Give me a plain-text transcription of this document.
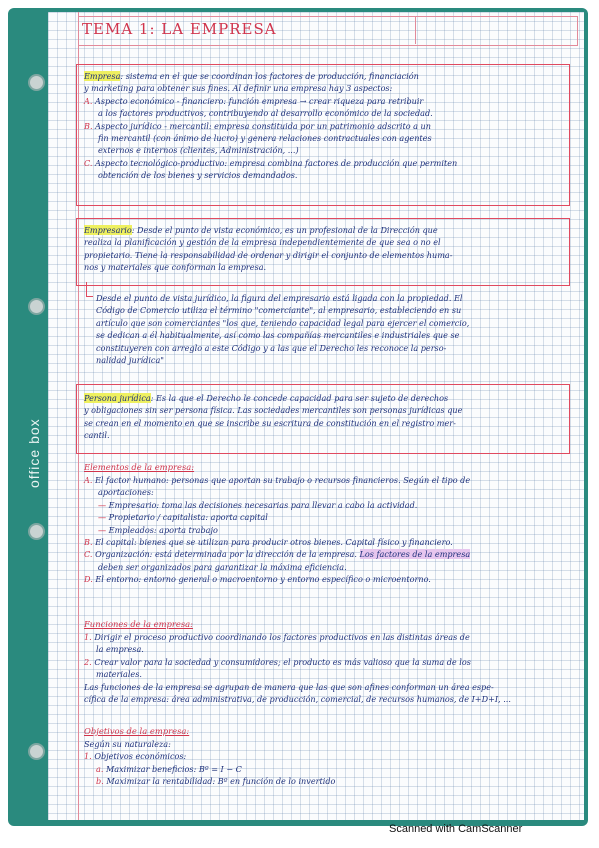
office box
TEMA 1: LA EMPRESA
Empresa: sistema en el que se coordinan los factores de producción, financiación
y marketing para obtener sus fines. Al definir una empresa hay 3 aspectos:
A. Aspecto económico - financiero: función empresa → crear riqueza para retribuir
a los factores productivos, contribuyendo al desarrollo económico de la sociedad.
B. Aspecto jurídico - mercantil: empresa constituida por un patrimonio adscrito a un
fin mercantil (con ánimo de lucro) y genera relaciones contractuales con agentes
externos e internos (clientes, Administración, ...)
C. Aspecto tecnológico-productivo: empresa combina factores de producción que permiten
obtención de los bienes y servicios demandados.
Empresario: Desde el punto de vista económico, es un profesional de la Dirección que
realiza la planificación y gestión de la empresa independientemente de que sea o no el
propietario. Tiene la responsabilidad de ordenar y dirigir el conjunto de elementos huma-
nos y materiales que conforman la empresa.
Desde el punto de vista jurídico, la figura del empresario está ligada con la propiedad. El
Código de Comercio utiliza el término "comerciante", al empresario, estableciendo en su
artículo que son comerciantes "los que, teniendo capacidad legal para ejercer el comercio,
se dedican a él habitualmente, así como las compañías mercantiles e industriales que se
constituyeren con arreglo a este Código y a las que el Derecho les reconoce la perso-
nalidad jurídica"
Persona jurídica: Es la que el Derecho le concede capacidad para ser sujeto de derechos
y obligaciones sin ser persona física. Las sociedades mercantiles son personas jurídicas que
se crean en el momento en que se inscribe su escritura de constitución en el registro mer-
cantil.
Elementos de la empresa:
A. El factor humano: personas que aportan su trabajo o recursos financieros. Según el tipo de
aportaciones:
— Empresario: toma las decisiones necesarias para llevar a cabo la actividad.
— Propietario / capitalista: aporta capital
— Empleados: aporta trabajo
B. El capital: bienes que se utilizan para producir otros bienes. Capital físico y financiero.
C. Organización: está determinada por la dirección de la empresa. Los factores de la empresa
deben ser organizados para garantizar la máxima eficiencia.
D. El entorno: entorno general o macroentorno y entorno específico o microentorno.
Funciones de la empresa:
1. Dirigir el proceso productivo coordinando los factores productivos en las distintas áreas de
la empresa.
2. Crear valor para la sociedad y consumidores; el producto es más valioso que la suma de los
materiales.
Las funciones de la empresa se agrupan de manera que las que son afines conforman un área espe-
cífica de la empresa: área administrativa, de producción, comercial, de recursos humanos, de I+D+I, ...
Objetivos de la empresa:
Según su naturaleza:
1. Objetivos económicos:
a. Maximizar beneficios: Bº = I − C
b. Maximizar la rentabilidad: Bº en función de lo invertido
Scanned with CamScanner
